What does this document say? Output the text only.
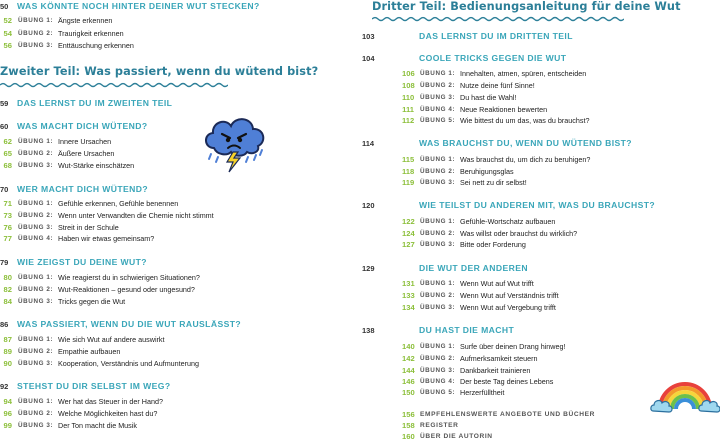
50 WAS KÖNNTE NOCH HINTER DEINER WUT STECKEN?
52 ÜBUNG 1: Ängste erkennen
54 ÜBUNG 2: Traurigkeit erkennen
56 ÜBUNG 3: Enttäuschung erkennen
Zweiter Teil: Was passiert, wenn du wütend bist?
59 DAS LERNST DU IM ZWEITEN TEIL
60 WAS MACHT DICH WÜTEND?
62 ÜBUNG 1: Innere Ursachen
65 ÜBUNG 2: Äußere Ursachen
68 ÜBUNG 3: Wut-Stärke einschätzen
70 WER MACHT DICH WÜTEND?
71 ÜBUNG 1: Gefühle erkennen, Gefühle benennen
73 ÜBUNG 2: Wenn unter Verwandten die Chemie nicht stimmt
76 ÜBUNG 3: Streit in der Schule
77 ÜBUNG 4: Haben wir etwas gemeinsam?
79 WIE ZEIGST DU DEINE WUT?
80 ÜBUNG 1: Wie reagierst du in schwierigen Situationen?
82 ÜBUNG 2: Wut-Reaktionen – gesund oder ungesund?
84 ÜBUNG 3: Tricks gegen die Wut
86 WAS PASSIERT, WENN DU DIE WUT RAUSLÄSST?
87 ÜBUNG 1: Wie sich Wut auf andere auswirkt
89 ÜBUNG 2: Empathie aufbauen
90 ÜBUNG 3: Kooperation, Verständnis und Aufmunterung
92 STEHST DU DIR SELBST IM WEG?
94 ÜBUNG 1: Wer hat das Steuer in der Hand?
96 ÜBUNG 2: Welche Möglichkeiten hast du?
99 ÜBUNG 3: Der Ton macht die Musik
Dritter Teil: Bedienungsanleitung für deine Wut
103	DAS LERNST DU IM DRITTEN TEIL
104	COOLE TRICKS GEGEN DIE WUT
106 ÜBUNG 1: Innehalten, atmen, spüren, entscheiden
108 ÜBUNG 2: Nutze deine fünf Sinne!
110 ÜBUNG 3: Du hast die Wahl!
111 ÜBUNG 4: Neue Reaktionen bewerten
112 ÜBUNG 5: Wie bittest du um das, was du brauchst?
114	WAS BRAUCHST DU, WENN DU WÜTEND BIST?
115 ÜBUNG 1: Was brauchst du, um dich zu beruhigen?
118 ÜBUNG 2: Beruhigungsglas
119 ÜBUNG 3: Sei nett zu dir selbst!
120	WIE TEILST DU ANDEREN MIT, WAS DU BRAUCHST?
122 ÜBUNG 1: Gefühle-Wortschatz aufbauen
124 ÜBUNG 2: Was willst oder brauchst du wirklich?
127 ÜBUNG 3: Bitte oder Forderung
129	DIE WUT DER ANDEREN
131 ÜBUNG 1: Wenn Wut auf Wut trifft
133 ÜBUNG 2: Wenn Wut auf Verständnis trifft
134 ÜBUNG 3: Wenn Wut auf Vergebung trifft
138	DU HAST DIE MACHT
140 ÜBUNG 1: Surfe über deinen Drang hinweg!
142 ÜBUNG 2: Aufmerksamkeit steuern
144 ÜBUNG 3: Dankbarkeit trainieren
146 ÜBUNG 4: Der beste Tag deines Lebens
150 ÜBUNG 5: Herzerfülltheit
156 EMPFEHLENSWERTE ANGEBOTE UND BÜCHER
158 REGISTER
160 ÜBER DIE AUTORIN
